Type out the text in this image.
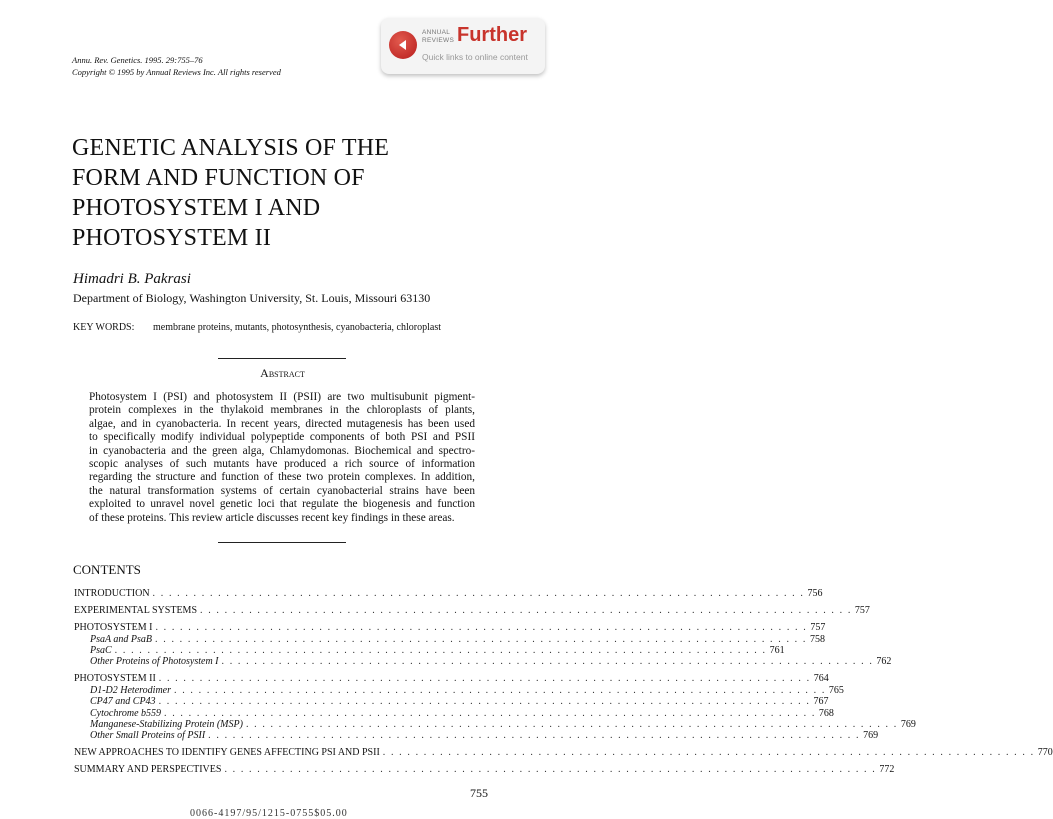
Annu. Rev. Genetics. 1995. 29:755–76
Copyright © 1995 by Annual Reviews Inc. All rights reserved
ANNUAL
REVIEWS Further
Quick links to online content
GENETIC ANALYSIS OF THE
FORM AND FUNCTION OF
PHOTOSYSTEM I AND
PHOTOSYSTEM II
Himadri B. Pakrasi
Department of Biology, Washington University, St. Louis, Missouri 63130
KEY WORDS: membrane proteins, mutants, photosynthesis, cyanobacteria, chloroplast
Abstract
Photosystem I (PSI) and photosystem II (PSII) are two multisubunit pigment-
protein complexes in the thylakoid membranes in the chloroplasts of plants,
algae, and in cyanobacteria. In recent years, directed mutagenesis has been used
to specifically modify individual polypeptide components of both PSI and PSII
in cyanobacteria and the green alga, Chlamydomonas. Biochemical and spectro-
scopic analyses of such mutants have produced a rich source of information
regarding the structure and function of these two protein complexes. In addition,
the natural transformation systems of certain cyanobacterial strains have been
exploited to unravel novel genetic loci that regulate the biogenesis and function
of these proteins. This review article discusses recent key findings in these areas.
CONTENTS
INTRODUCTION . . . . . . . . . . . . . . . . . . . . . . . . . . . . . . . . . . . . . . . . . . . . . . . . . . . . . . . . . . . . . . . . . . . . . . . . . . . . . . . . 756
EXPERIMENTAL SYSTEMS . . . . . . . . . . . . . . . . . . . . . . . . . . . . . . . . . . . . . . . . . . . . . . . . . . . . . . . . . . . . . . . . . . . . . . . . . . . . . . . . 757
PHOTOSYSTEM I . . . . . . . . . . . . . . . . . . . . . . . . . . . . . . . . . . . . . . . . . . . . . . . . . . . . . . . . . . . . . . . . . . . . . . . . . . . . . . . . 757
PsaA and PsaB . . . . . . . . . . . . . . . . . . . . . . . . . . . . . . . . . . . . . . . . . . . . . . . . . . . . . . . . . . . . . . . . . . . . . . . . . . . . . . . . 758
PsaC . . . . . . . . . . . . . . . . . . . . . . . . . . . . . . . . . . . . . . . . . . . . . . . . . . . . . . . . . . . . . . . . . . . . . . . . . . . . . . . . 761
Other Proteins of Photosystem I . . . . . . . . . . . . . . . . . . . . . . . . . . . . . . . . . . . . . . . . . . . . . . . . . . . . . . . . . . . . . . . . . . . . . . . . . . . . . . . . 762
PHOTOSYSTEM II . . . . . . . . . . . . . . . . . . . . . . . . . . . . . . . . . . . . . . . . . . . . . . . . . . . . . . . . . . . . . . . . . . . . . . . . . . . . . . . . 764
D1-D2 Heterodimer . . . . . . . . . . . . . . . . . . . . . . . . . . . . . . . . . . . . . . . . . . . . . . . . . . . . . . . . . . . . . . . . . . . . . . . . . . . . . . . . 765
CP47 and CP43 . . . . . . . . . . . . . . . . . . . . . . . . . . . . . . . . . . . . . . . . . . . . . . . . . . . . . . . . . . . . . . . . . . . . . . . . . . . . . . . . 767
Cytochrome b559 . . . . . . . . . . . . . . . . . . . . . . . . . . . . . . . . . . . . . . . . . . . . . . . . . . . . . . . . . . . . . . . . . . . . . . . . . . . . . . . . 768
Manganese-Stabilizing Protein (MSP) . . . . . . . . . . . . . . . . . . . . . . . . . . . . . . . . . . . . . . . . . . . . . . . . . . . . . . . . . . . . . . . . . . . . . . . . . . . . . . . . 769
Other Small Proteins of PSII . . . . . . . . . . . . . . . . . . . . . . . . . . . . . . . . . . . . . . . . . . . . . . . . . . . . . . . . . . . . . . . . . . . . . . . . . . . . . . . . 769
NEW APPROACHES TO IDENTIFY GENES AFFECTING PSI AND PSII . . . . . . . . . . . . . . . . . . . . . . . . . . . . . . . . . . . . . . . . . . . . . . . . . . . . . . . . . . . . . . . . . . . . . . . . . . . . . . . . 770
SUMMARY AND PERSPECTIVES . . . . . . . . . . . . . . . . . . . . . . . . . . . . . . . . . . . . . . . . . . . . . . . . . . . . . . . . . . . . . . . . . . . . . . . . . . . . . . . . 772
755
0066-4197/95/1215-0755$05.00
